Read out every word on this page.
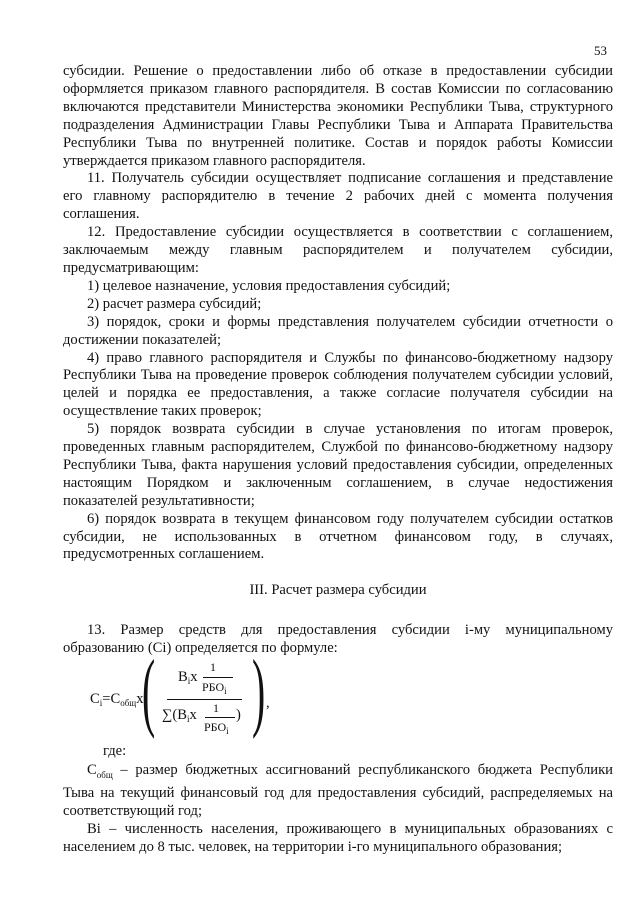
53

субсидии. Решение о предоставлении либо об отказе в предоставлении субсидии оформляется приказом главного распорядителя. В состав Комиссии по согласованию включаются представители Министерства экономики Республики Тыва, структурного подразделения Администрации Главы Республики Тыва и Аппарата Правительства Республики Тыва по внутренней политике. Состав и порядок работы Комиссии утверждается приказом главного распорядителя.

11. Получатель субсидии осуществляет подписание соглашения и представление его главному распорядителю в течение 2 рабочих дней с момента получения соглашения.

12. Предоставление субсидии осуществляется в соответствии с соглашением, заключаемым между главным распорядителем и получателем субсидии, предусматривающим:

1) целевое назначение, условия предоставления субсидий;

2) расчет размера субсидий;

3) порядок, сроки и формы представления получателем субсидии отчетности о достижении показателей;

4) право главного распорядителя и Службы по финансово-бюджетному надзору Республики Тыва на проведение проверок соблюдения получателем субсидии условий, целей и порядка ее предоставления, а также согласие получателя субсидии на осуществление таких проверок;

5) порядок возврата субсидии в случае установления по итогам проверок, проведенных главным распорядителем, Службой по финансово-бюджетному надзору Республики Тыва, факта нарушения условий предоставления субсидии, определенных настоящим Порядком и заключенным соглашением, в случае недостижения показателей результативности;

6) порядок возврата в текущем финансовом году получателем субсидии остатков субсидии, не использованных в отчетном финансовом году, в случаях, предусмотренных соглашением.

III. Расчет размера субсидии

13. Размер средств для предоставления субсидии i-му муниципальному образованию (Ci) определяется по формуле:

$C_i=C_{общ}x$
( )
$B_ix$
1
$РБО_i$
$\sum(B_ix$ 1
$РБО_i$
)
,
где:

$С_{общ}$ – размер бюджетных ассигнований республиканского бюджета Республики Тыва на текущий финансовый год для предоставления субсидий, распределяемых на соответствующий год;

Вi – численность населения, проживающего в муниципальных образованиях с населением до 8 тыс. человек, на территории i-го муниципального образования;
